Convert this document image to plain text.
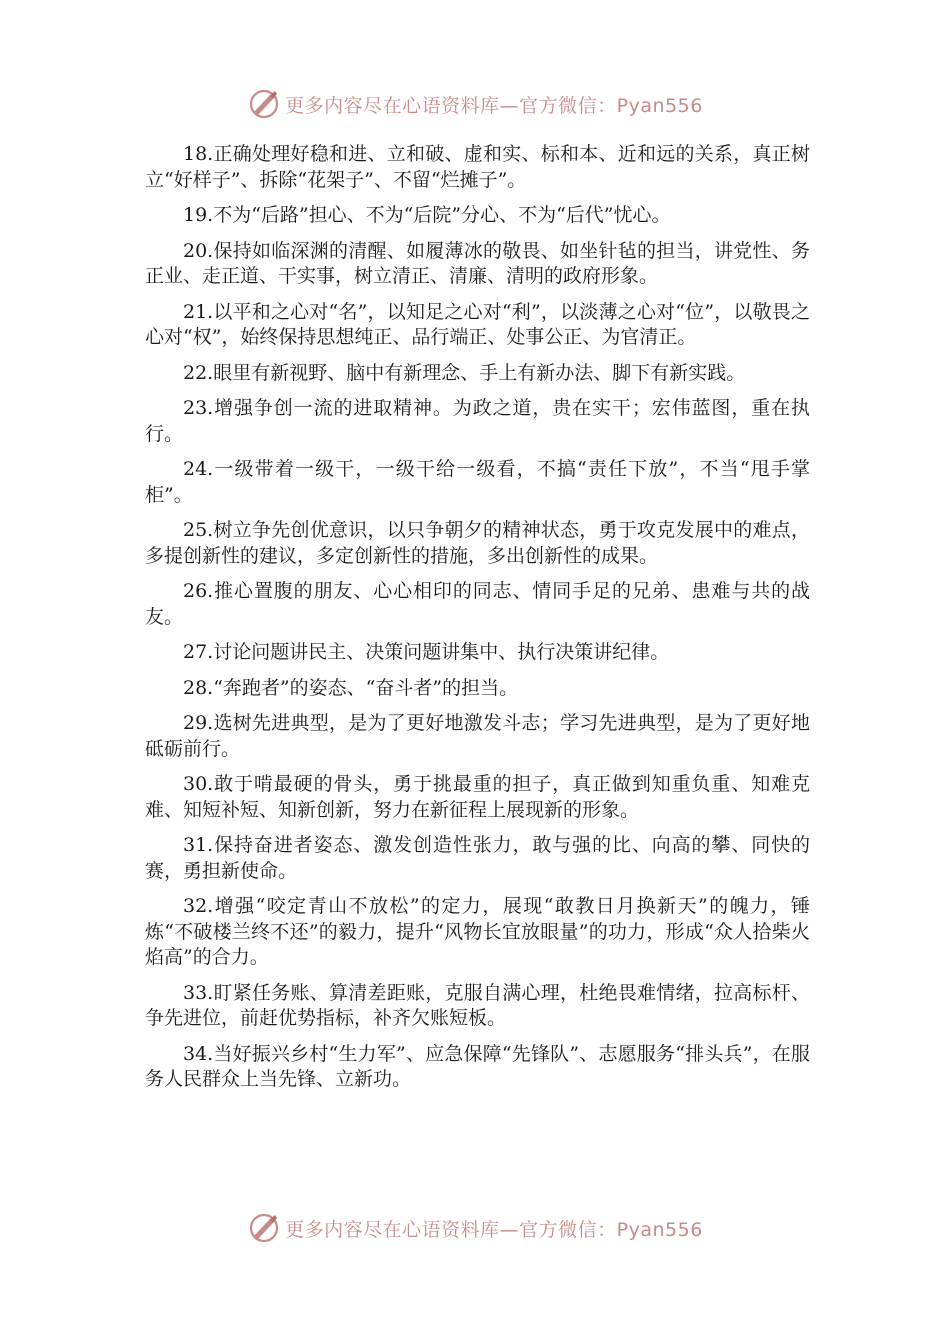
更多内容尽在心语资料库—官方微信：Pyan556

18.正确处理好稳和进、立和破、虚和实、标和本、近和远的关系，真正树立“好样子”、拆除“花架子”、不留“烂摊子”。

19.不为“后路”担心、不为“后院”分心、不为“后代”忧心。

20.保持如临深渊的清醒、如履薄冰的敬畏、如坐针毡的担当，讲党性、务正业、走正道、干实事，树立清正、清廉、清明的政府形象。

21.以平和之心对“名”，以知足之心对“利”，以淡薄之心对“位”，以敬畏之心对“权”，始终保持思想纯正、品行端正、处事公正、为官清正。

22.眼里有新视野、脑中有新理念、手上有新办法、脚下有新实践。

23.增强争创一流的进取精神。为政之道，贵在实干；宏伟蓝图，重在执行。

24.一级带着一级干，一级干给一级看，不搞“责任下放”，不当“甩手掌柜”。

25.树立争先创优意识，以只争朝夕的精神状态，勇于攻克发展中的难点，多提创新性的建议，多定创新性的措施，多出创新性的成果。

26.推心置腹的朋友、心心相印的同志、情同手足的兄弟、患难与共的战友。

27.讨论问题讲民主、决策问题讲集中、执行决策讲纪律。

28.“奔跑者”的姿态、“奋斗者”的担当。

29.选树先进典型，是为了更好地激发斗志；学习先进典型，是为了更好地砥砺前行。

30.敢于啃最硬的骨头，勇于挑最重的担子，真正做到知重负重、知难克难、知短补短、知新创新，努力在新征程上展现新的形象。

31.保持奋进者姿态、激发创造性张力，敢与强的比、向高的攀、同快的赛，勇担新使命。

32.增强“咬定青山不放松”的定力，展现“敢教日月换新天”的魄力，锤炼“不破楼兰终不还”的毅力，提升“风物长宜放眼量”的功力，形成“众人拾柴火焰高”的合力。

33.盯紧任务账、算清差距账，克服自满心理，杜绝畏难情绪，拉高标杆、争先进位，前赶优势指标，补齐欠账短板。

34.当好振兴乡村“生力军”、应急保障“先锋队”、志愿服务“排头兵”，在服务人民群众上当先锋、立新功。

更多内容尽在心语资料库—官方微信：Pyan556
